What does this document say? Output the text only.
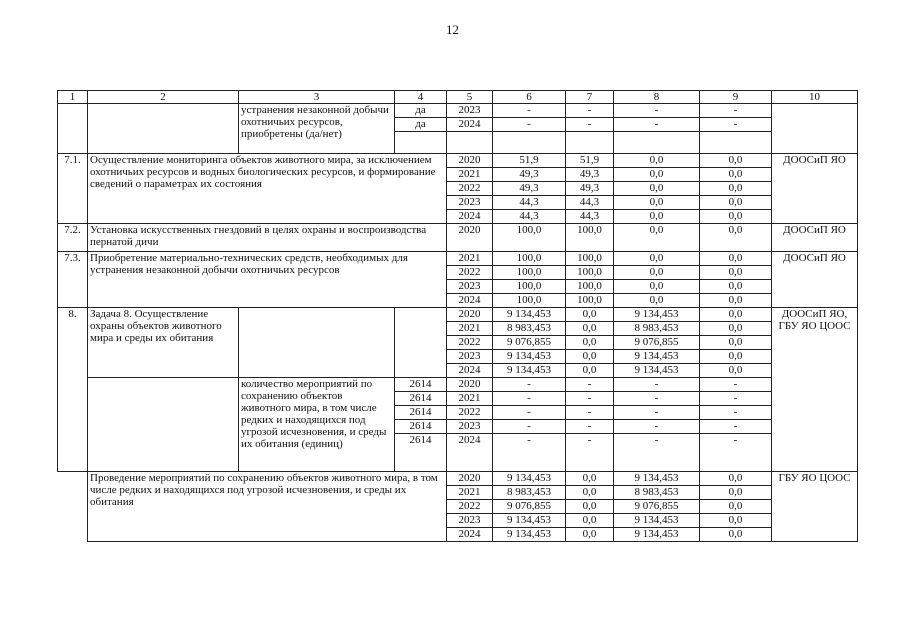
12
1	2	3	4	5	6	7	8	9	10
		устранения незаконной добычи охотничьих ресурсов, приобретены (да/нет)	да	2023	-	-	-	-	
			да	2024	-	-	-	-	

7.1.	Осуществление мониторинга объектов животного мира, за исключением охотничьих ресурсов и водных биологических ресурсов, и формирование сведений о параметрах их состояния			2020	51,9	51,9	0,0	0,0	ДООСиП ЯО
				2021	49,3	49,3	0,0	0,0	
				2022	49,3	49,3	0,0	0,0	
				2023	44,3	44,3	0,0	0,0	
				2024	44,3	44,3	0,0	0,0	
7.2.	Установка искусственных гнездовий в целях охраны и воспроизводства пернатой дичи			2020	100,0	100,0	0,0	0,0	ДООСиП ЯО
7.3.	Приобретение материально-технических средств, необходимых для устранения незаконной добычи охотничьих ресурсов			2021	100,0	100,0	0,0	0,0	ДООСиП ЯО
				2022	100,0	100,0	0,0	0,0	
				2023	100,0	100,0	0,0	0,0	
				2024	100,0	100,0	0,0	0,0	
8.	Задача 8. Осуществление охраны объектов животного мира и среды их обитания			2020	9 134,453	0,0	9 134,453	0,0	ДООСиП ЯО, ГБУ ЯО ЦООС
				2021	8 983,453	0,0	8 983,453	0,0	
				2022	9 076,855	0,0	9 076,855	0,0	
				2023	9 134,453	0,0	9 134,453	0,0	
				2024	9 134,453	0,0	9 134,453	0,0	
		количество мероприятий по сохранению объектов животного мира, в том числе редких и находящихся под угрозой исчезновения, и среды их обитания (единиц)	2614	2020	-	-	-	-	
			2614	2021	-	-	-	-	
			2614	2022	-	-	-	-	
			2614	2023	-	-	-	-	
			2614	2024	-	-	-	-	
	Проведение мероприятий по сохранению объектов животного мира, в том числе редких и находящихся под угрозой исчезновения, и среды их обитания			2020	9 134,453	0,0	9 134,453	0,0	ГБУ ЯО ЦООС
				2021	8 983,453	0,0	8 983,453	0,0	
				2022	9 076,855	0,0	9 076,855	0,0	
				2023	9 134,453	0,0	9 134,453	0,0	
				2024	9 134,453	0,0	9 134,453	0,0	
